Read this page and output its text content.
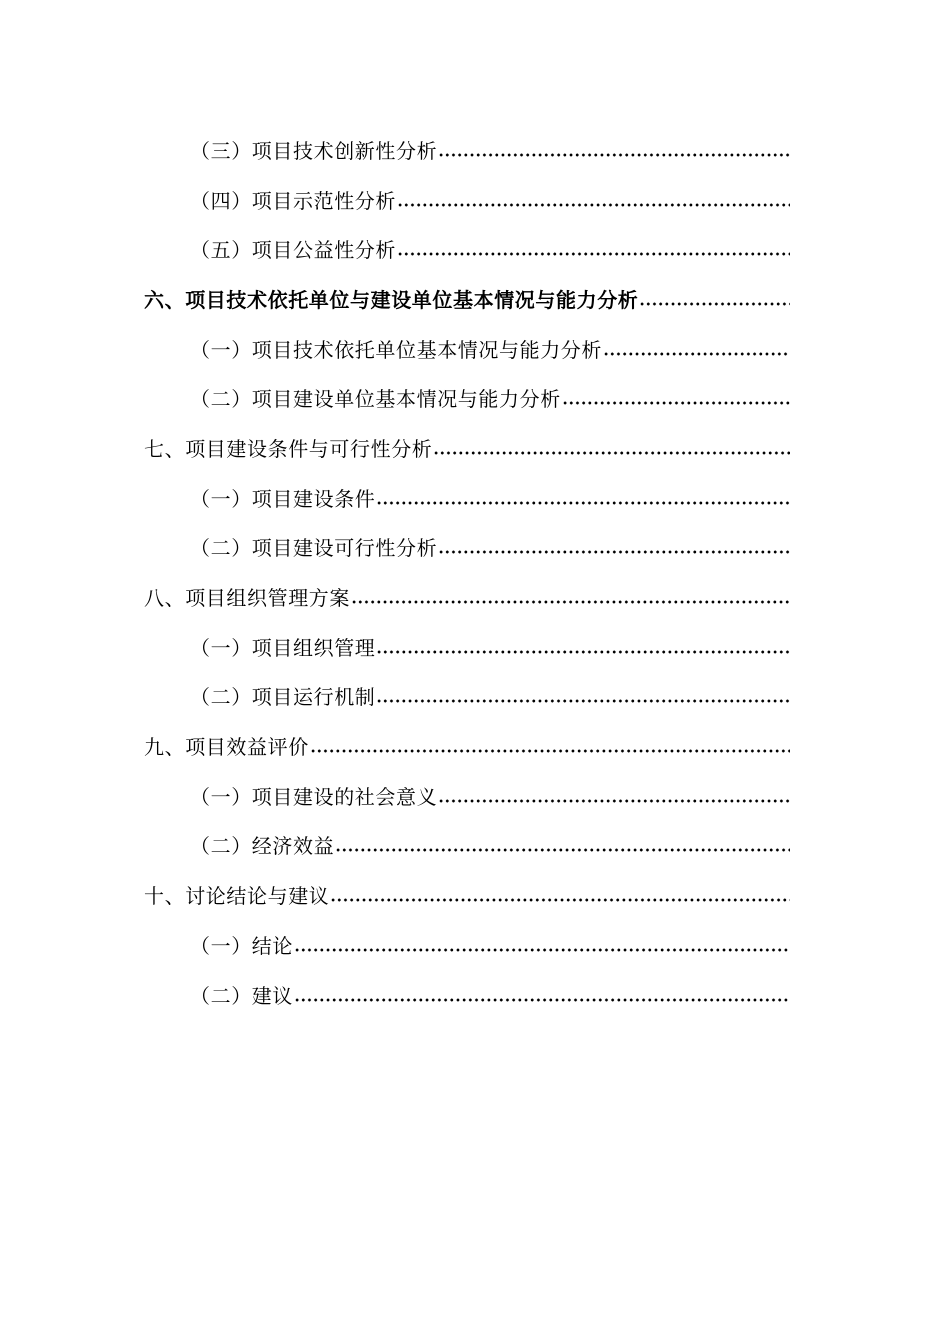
（三）项目技术创新性分析
（四）项目示范性分析
（五）项目公益性分析
六、项目技术依托单位与建设单位基本情况与能力分析
（一）项目技术依托单位基本情况与能力分析
（二）项目建设单位基本情况与能力分析
七、项目建设条件与可行性分析
（一）项目建设条件
（二）项目建设可行性分析
八、项目组织管理方案
（一）项目组织管理
（二）项目运行机制
九、项目效益评价
（一）项目建设的社会意义
（二）经济效益
十、讨论结论与建议
（一）结论
（二）建议
